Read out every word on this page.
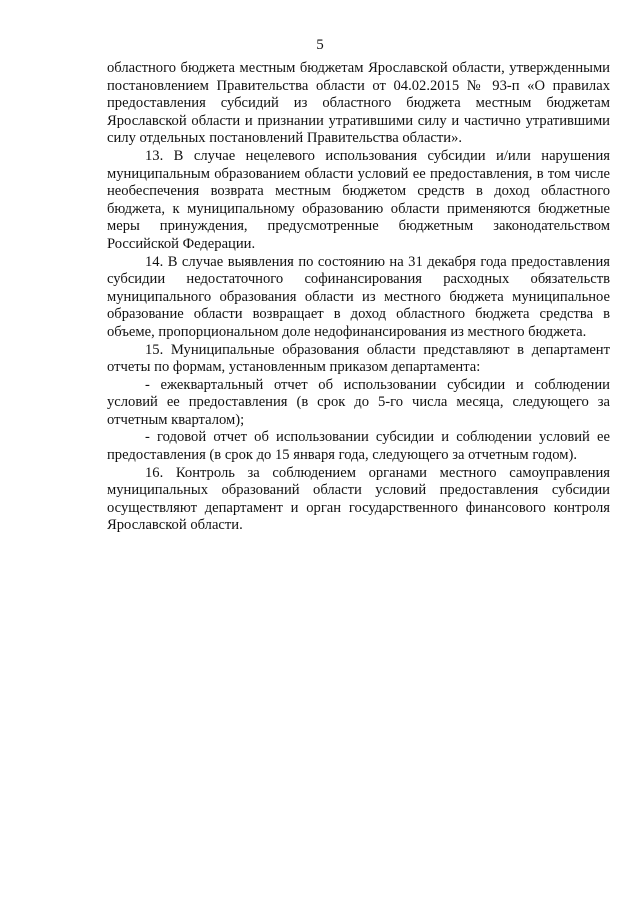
5

областного бюджета местным бюджетам Ярославской области, утвержденными постановлением Правительства области от 04.02.2015 № 93-п «О правилах предоставления субсидий из областного бюджета местным бюджетам Ярославской области и признании утратившими силу и частично утратившими силу отдельных постановлений Правительства области».

13. В случае нецелевого использования субсидии и/или нарушения муниципальным образованием области условий ее предоставления, в том числе необеспечения возврата местным бюджетом средств в доход областного бюджета, к муниципальному образованию области применяются бюджетные меры принуждения, предусмотренные бюджетным законодательством Российской Федерации.

14. В случае выявления по состоянию на 31 декабря года предоставления субсидии недостаточного софинансирования расходных обязательств муниципального образования области из местного бюджета муниципальное образование области возвращает в доход областного бюджета средства в объеме, пропорциональном доле недофинансирования из местного бюджета.

15. Муниципальные образования области представляют в департамент отчеты по формам, установленным приказом департамента:

- ежеквартальный отчет об использовании субсидии и соблюдении условий ее предоставления (в срок до 5-го числа месяца, следующего за отчетным кварталом);

- годовой отчет об использовании субсидии и соблюдении условий ее предоставления (в срок до 15 января года, следующего за отчетным годом).

16. Контроль за соблюдением органами местного самоуправления муниципальных образований области условий предоставления субсидии осуществляют департамент и орган государственного финансового контроля Ярославской области.
